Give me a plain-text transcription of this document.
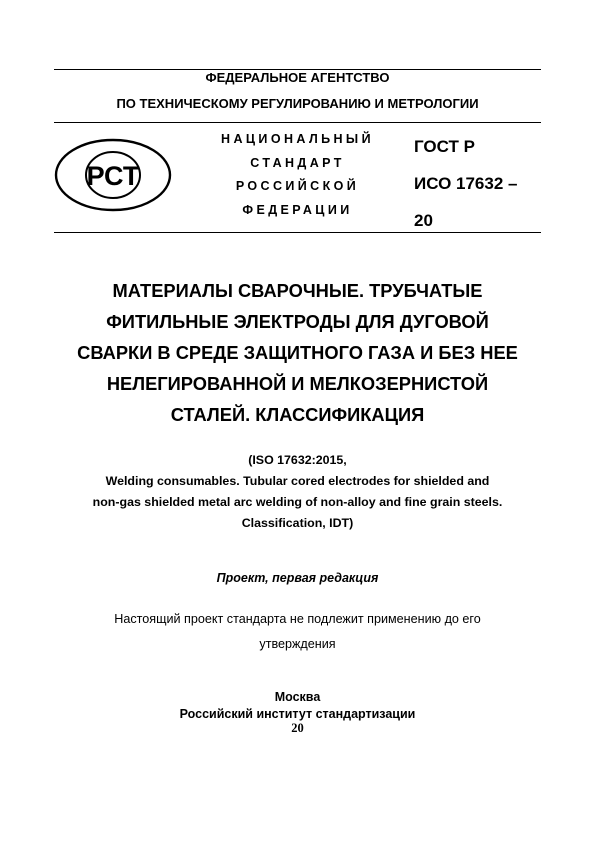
ФЕДЕРАЛЬНОЕ АГЕНТСТВО
ПО ТЕХНИЧЕСКОМУ РЕГУЛИРОВАНИЮ И МЕТРОЛОГИИ
РСТ
НАЦИОНАЛЬНЫЙ
СТАНДАРТ
РОССИЙСКОЙ
ФЕДЕРАЦИИ
ГОСТ Р
ИСО 17632 –
20
МАТЕРИАЛЫ СВАРОЧНЫЕ. ТРУБЧАТЫЕ
ФИТИЛЬНЫЕ ЭЛЕКТРОДЫ ДЛЯ ДУГОВОЙ
СВАРКИ В СРЕДЕ ЗАЩИТНОГО ГАЗА И БЕЗ НЕЕ
НЕЛЕГИРОВАННОЙ И МЕЛКОЗЕРНИСТОЙ
СТАЛЕЙ. КЛАССИФИКАЦИЯ
(ISO 17632:2015,
Welding consumables. Tubular cored electrodes for shielded and
non-gas shielded metal arc welding of non-alloy and fine grain steels.
Classification, IDT)
Проект, первая редакция
Настоящий проект стандарта не подлежит применению до его
утверждения
Москва
Российский институт стандартизации
20
